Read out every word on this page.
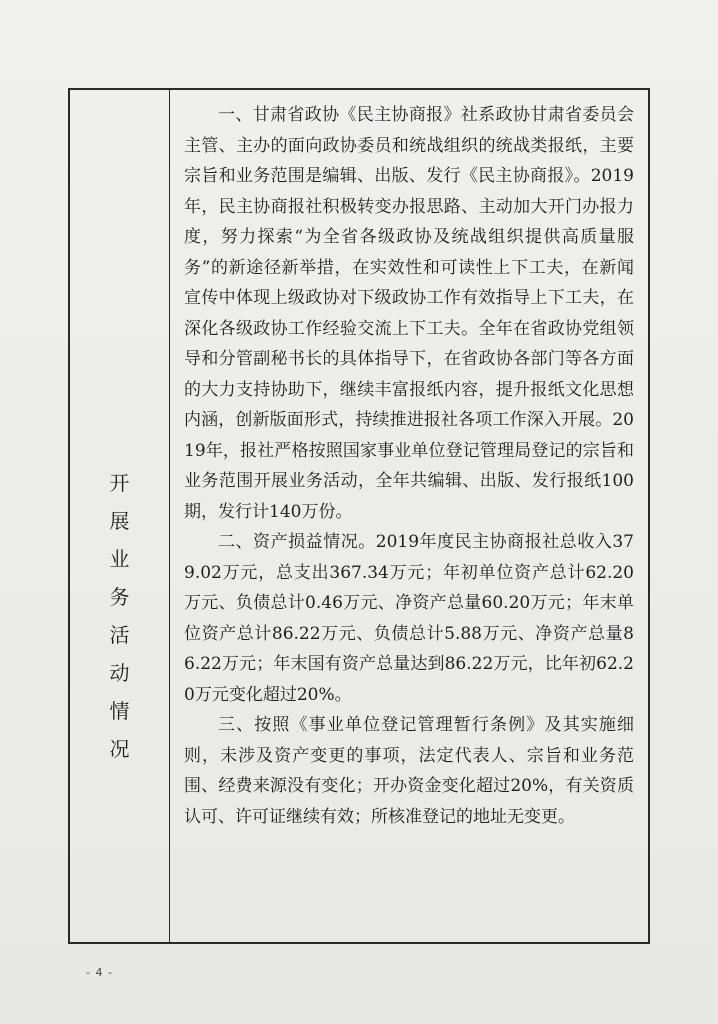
开
展
业
务
活
动
情
况

一、甘肃省政协《民主协商报》社系政协甘肃省委员会主管、主办的面向政协委员和统战组织的统战类报纸，主要宗旨和业务范围是编辑、出版、发行《民主协商报》。2019年，民主协商报社积极转变办报思路、主动加大开门办报力度，努力探索“为全省各级政协及统战组织提供高质量服务”的新途径新举措，在实效性和可读性上下工夫，在新闻宣传中体现上级政协对下级政协工作有效指导上下工夫，在深化各级政协工作经验交流上下工夫。全年在省政协党组领导和分管副秘书长的具体指导下，在省政协各部门等各方面的大力支持协助下，继续丰富报纸内容，提升报纸文化思想内涵，创新版面形式，持续推进报社各项工作深入开展。2019年，报社严格按照国家事业单位登记管理局登记的宗旨和业务范围开展业务活动，全年共编辑、出版、发行报纸100期，发行计140万份。

二、资产损益情况。2019年度民主协商报社总收入379.02万元，总支出367.34万元；年初单位资产总计62.20万元、负债总计0.46万元、净资产总量60.20万元；年末单位资产总计86.22万元、负债总计5.88万元、净资产总量86.22万元；年末国有资产总量达到86.22万元，比年初62.20万元变化超过20%。

三、按照《事业单位登记管理暂行条例》及其实施细则，未涉及资产变更的事项，法定代表人、宗旨和业务范围、经费来源没有变化；开办资金变化超过20%，有关资质认可、许可证继续有效；所核准登记的地址无变更。

- 4 -
